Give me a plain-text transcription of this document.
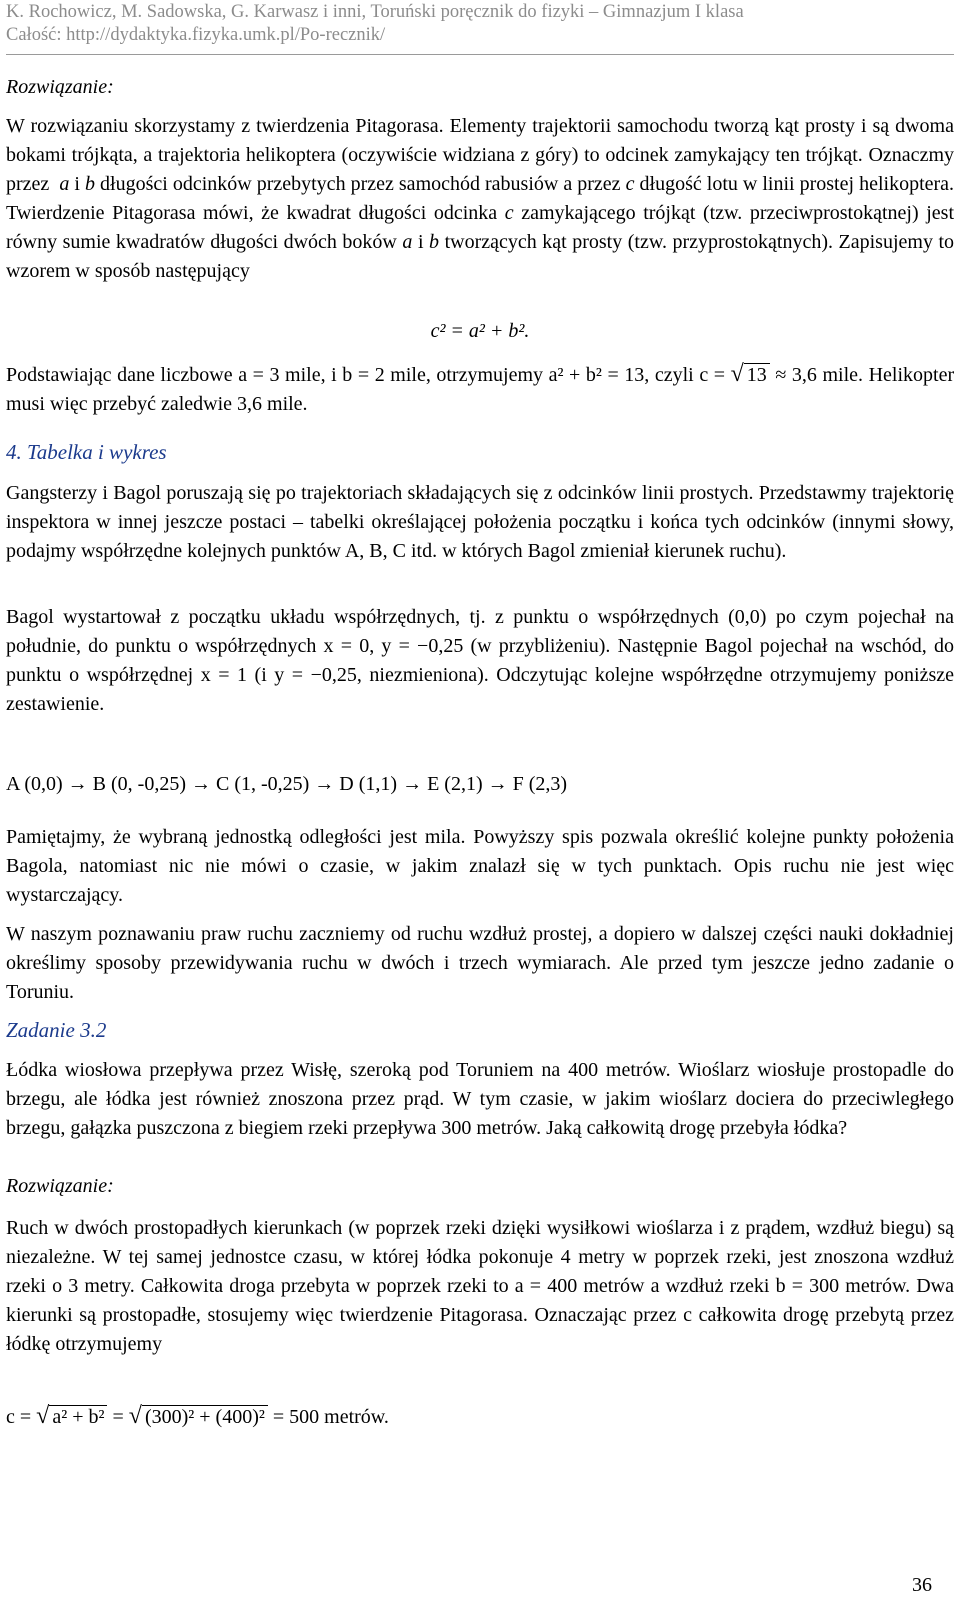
K. Rochowicz, M. Sadowska, G. Karwasz i inni, Toruński poręcznik do fizyki – Gimnazjum I klasa
Całość: http://dydaktyka.fizyka.umk.pl/Po-recznik/
Rozwiązanie:

W rozwiązaniu skorzystamy z twierdzenia Pitagorasa. Elementy trajektorii samochodu tworzą kąt prosty i są dwoma bokami trójkąta, a trajektoria helikoptera (oczywiście widziana z góry) to odcinek zamykający ten trójkąt. Oznaczmy przez a i b długości odcinków przebytych przez samochód rabusiów a przez c długość lotu w linii prostej helikoptera. Twierdzenie Pitagorasa mówi, że kwadrat długości odcinka c zamykającego trójkąt (tzw. przeciwprostokątnej) jest równy sumie kwadratów długości dwóch boków a i b tworzących kąt prosty (tzw. przyprostokątnych). Zapisujemy to wzorem w sposób następujący

c² = a² + b².

Podstawiając dane liczbowe a = 3 mile, i b = 2 mile, otrzymujemy a² + b² = 13, czyli c = √ 13 ≈ 3,6 mile. Helikopter musi więc przebyć zaledwie 3,6 mile.

4. Tabelka i wykres

Gangsterzy i Bagol poruszają się po trajektoriach składających się z odcinków linii prostych. Przedstawmy trajektorię inspektora w innej jeszcze postaci – tabelki określającej położenia początku i końca tych odcinków (innymi słowy, podajmy współrzędne kolejnych punktów A, B, C itd. w których Bagol zmieniał kierunek ruchu).

Bagol wystartował z początku układu współrzędnych, tj. z punktu o współrzędnych (0,0) po czym pojechał na południe, do punktu o współrzędnych x = 0, y = −0,25 (w przybliżeniu). Następnie Bagol pojechał na wschód, do punktu o współrzędnej x = 1 (i y = −0,25, niezmieniona). Odczytując kolejne współrzędne otrzymujemy poniższe zestawienie.

A (0,0) → B (0, -0,25) → C (1, -0,25) → D (1,1) → E (2,1) → F (2,3)

Pamiętajmy, że wybraną jednostką odległości jest mila. Powyższy spis pozwala określić kolejne punkty położenia Bagola, natomiast nic nie mówi o czasie, w jakim znalazł się w tych punktach. Opis ruchu nie jest więc wystarczający.

W naszym poznawaniu praw ruchu zaczniemy od ruchu wzdłuż prostej, a dopiero w dalszej części nauki dokładniej określimy sposoby przewidywania ruchu w dwóch i trzech wymiarach. Ale przed tym jeszcze jedno zadanie o Toruniu.

Zadanie 3.2

Łódka wiosłowa przepływa przez Wisłę, szeroką pod Toruniem na 400 metrów. Wioślarz wiosłuje prostopadle do brzegu, ale łódka jest również znoszona przez prąd. W tym czasie, w jakim wioślarz dociera do przeciwległego brzegu, gałązka puszczona z biegiem rzeki przepływa 300 metrów. Jaką całkowitą drogę przebyła łódka?

Rozwiązanie:

Ruch w dwóch prostopadłych kierunkach (w poprzek rzeki dzięki wysiłkowi wioślarza i z prądem, wzdłuż biegu) są niezależne. W tej samej jednostce czasu, w której łódka pokonuje 4 metry w poprzek rzeki, jest znoszona wzdłuż rzeki o 3 metry. Całkowita droga przebyta w poprzek rzeki to a = 400 metrów a wzdłuż rzeki b = 300 metrów. Dwa kierunki są prostopadłe, stosujemy więc twierdzenie Pitagorasa. Oznaczając przez c całkowita drogę przebytą przez łódkę otrzymujemy

c = √ a² + b² = √ (300)² + (400)² = 500 metrów.
36
